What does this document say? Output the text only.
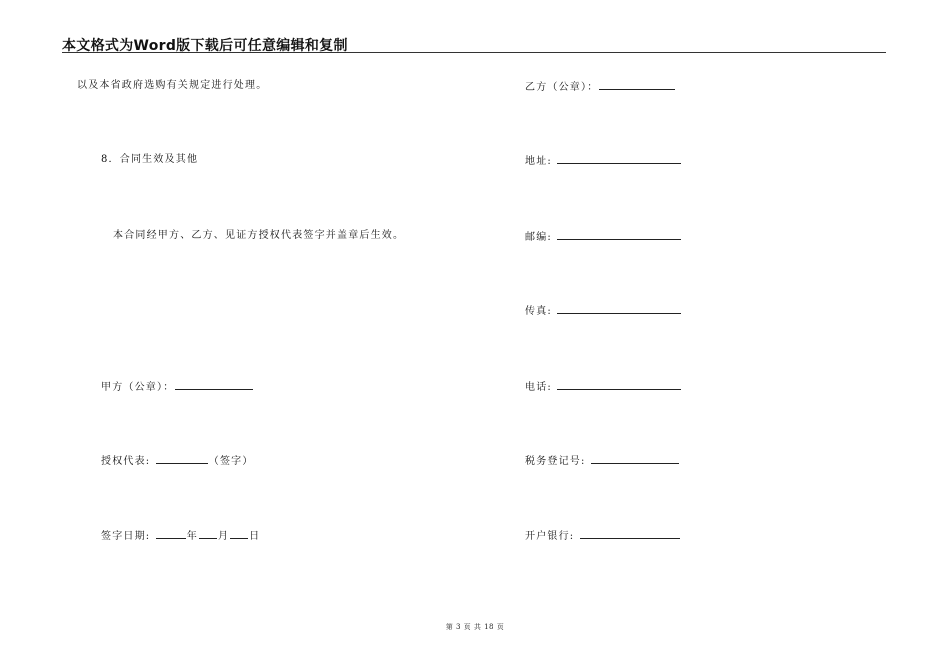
本文格式为Word版下载后可任意编辑和复制
以及本省政府选购有关规定进行处理。
8．合同生效及其他
本合同经甲方、乙方、见证方授权代表签字并盖章后生效。
甲方（公章）：
授权代表:	（签字）
签字日期:	年 月 日
乙方（公章）：
地址:
邮编:
传真:
电话:
税务登记号:
开户银行:
第 3 页 共 18 页
